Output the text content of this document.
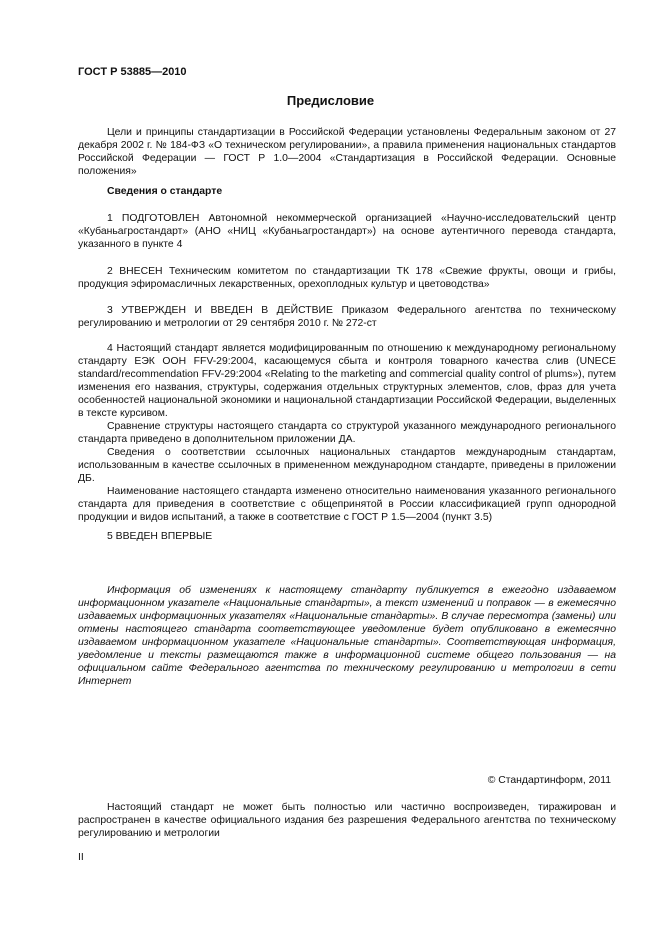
ГОСТ Р 53885—2010
Предисловие

Цели и принципы стандартизации в Российской Федерации установлены Федеральным законом от 27 декабря 2002 г. № 184-ФЗ «О техническом регулировании», а правила применения национальных стандартов Российской Федерации — ГОСТ Р 1.0—2004 «Стандартизация в Российской Федерации. Основные положения»

Сведения о стандарте

1 ПОДГОТОВЛЕН Автономной некоммерческой организацией «Научно-исследовательский центр «Кубаньагростандарт» (АНО «НИЦ «Кубаньагростандарт») на основе аутентичного перевода стандарта, указанного в пункте 4

2 ВНЕСЕН Техническим комитетом по стандартизации ТК 178 «Свежие фрукты, овощи и грибы, продукция эфиромасличных лекарственных, орехоплодных культур и цветоводства»

3 УТВЕРЖДЕН И ВВЕДЕН В ДЕЙСТВИЕ Приказом Федерального агентства по техническому регулированию и метрологии от 29 сентября 2010 г. № 272-ст

4 Настоящий стандарт является модифицированным по отношению к международному региональному стандарту ЕЭК ООН FFV-29:2004, касающемуся сбыта и контроля товарного качества слив (UNECE standard/recommendation FFV-29:2004 «Relating to the marketing and commercial quality control of plums»), путем изменения его названия, структуры, содержания отдельных структурных элементов, слов, фраз для учета особенностей национальной экономики и национальной стандартизации Российской Федерации, выделенных в тексте курсивом.

Сравнение структуры настоящего стандарта со структурой указанного международного регионального стандарта приведено в дополнительном приложении ДА.

Сведения о соответствии ссылочных национальных стандартов международным стандартам, использованным в качестве ссылочных в примененном международном стандарте, приведены в приложении ДБ.

Наименование настоящего стандарта изменено относительно наименования указанного регионального стандарта для приведения в соответствие с общепринятой в России классификацией групп однородной продукции и видов испытаний, а также в соответствие с ГОСТ Р 1.5—2004 (пункт 3.5)

5 ВВЕДЕН ВПЕРВЫЕ

Информация об изменениях к настоящему стандарту публикуется в ежегодно издаваемом информационном указателе «Национальные стандарты», а текст изменений и поправок — в ежемесячно издаваемых информационных указателях «Национальные стандарты». В случае пересмотра (замены) или отмены настоящего стандарта соответствующее уведомление будет опубликовано в ежемесячно издаваемом информационном указателе «Национальные стандарты». Соответствующая информация, уведомление и тексты размещаются также в информационной системе общего пользования — на официальном сайте Федерального агентства по техническому регулированию и метрологии в сети Интернет

© Стандартинформ, 2011

Настоящий стандарт не может быть полностью или частично воспроизведен, тиражирован и распространен в качестве официального издания без разрешения Федерального агентства по техническому регулированию и метрологии

II
